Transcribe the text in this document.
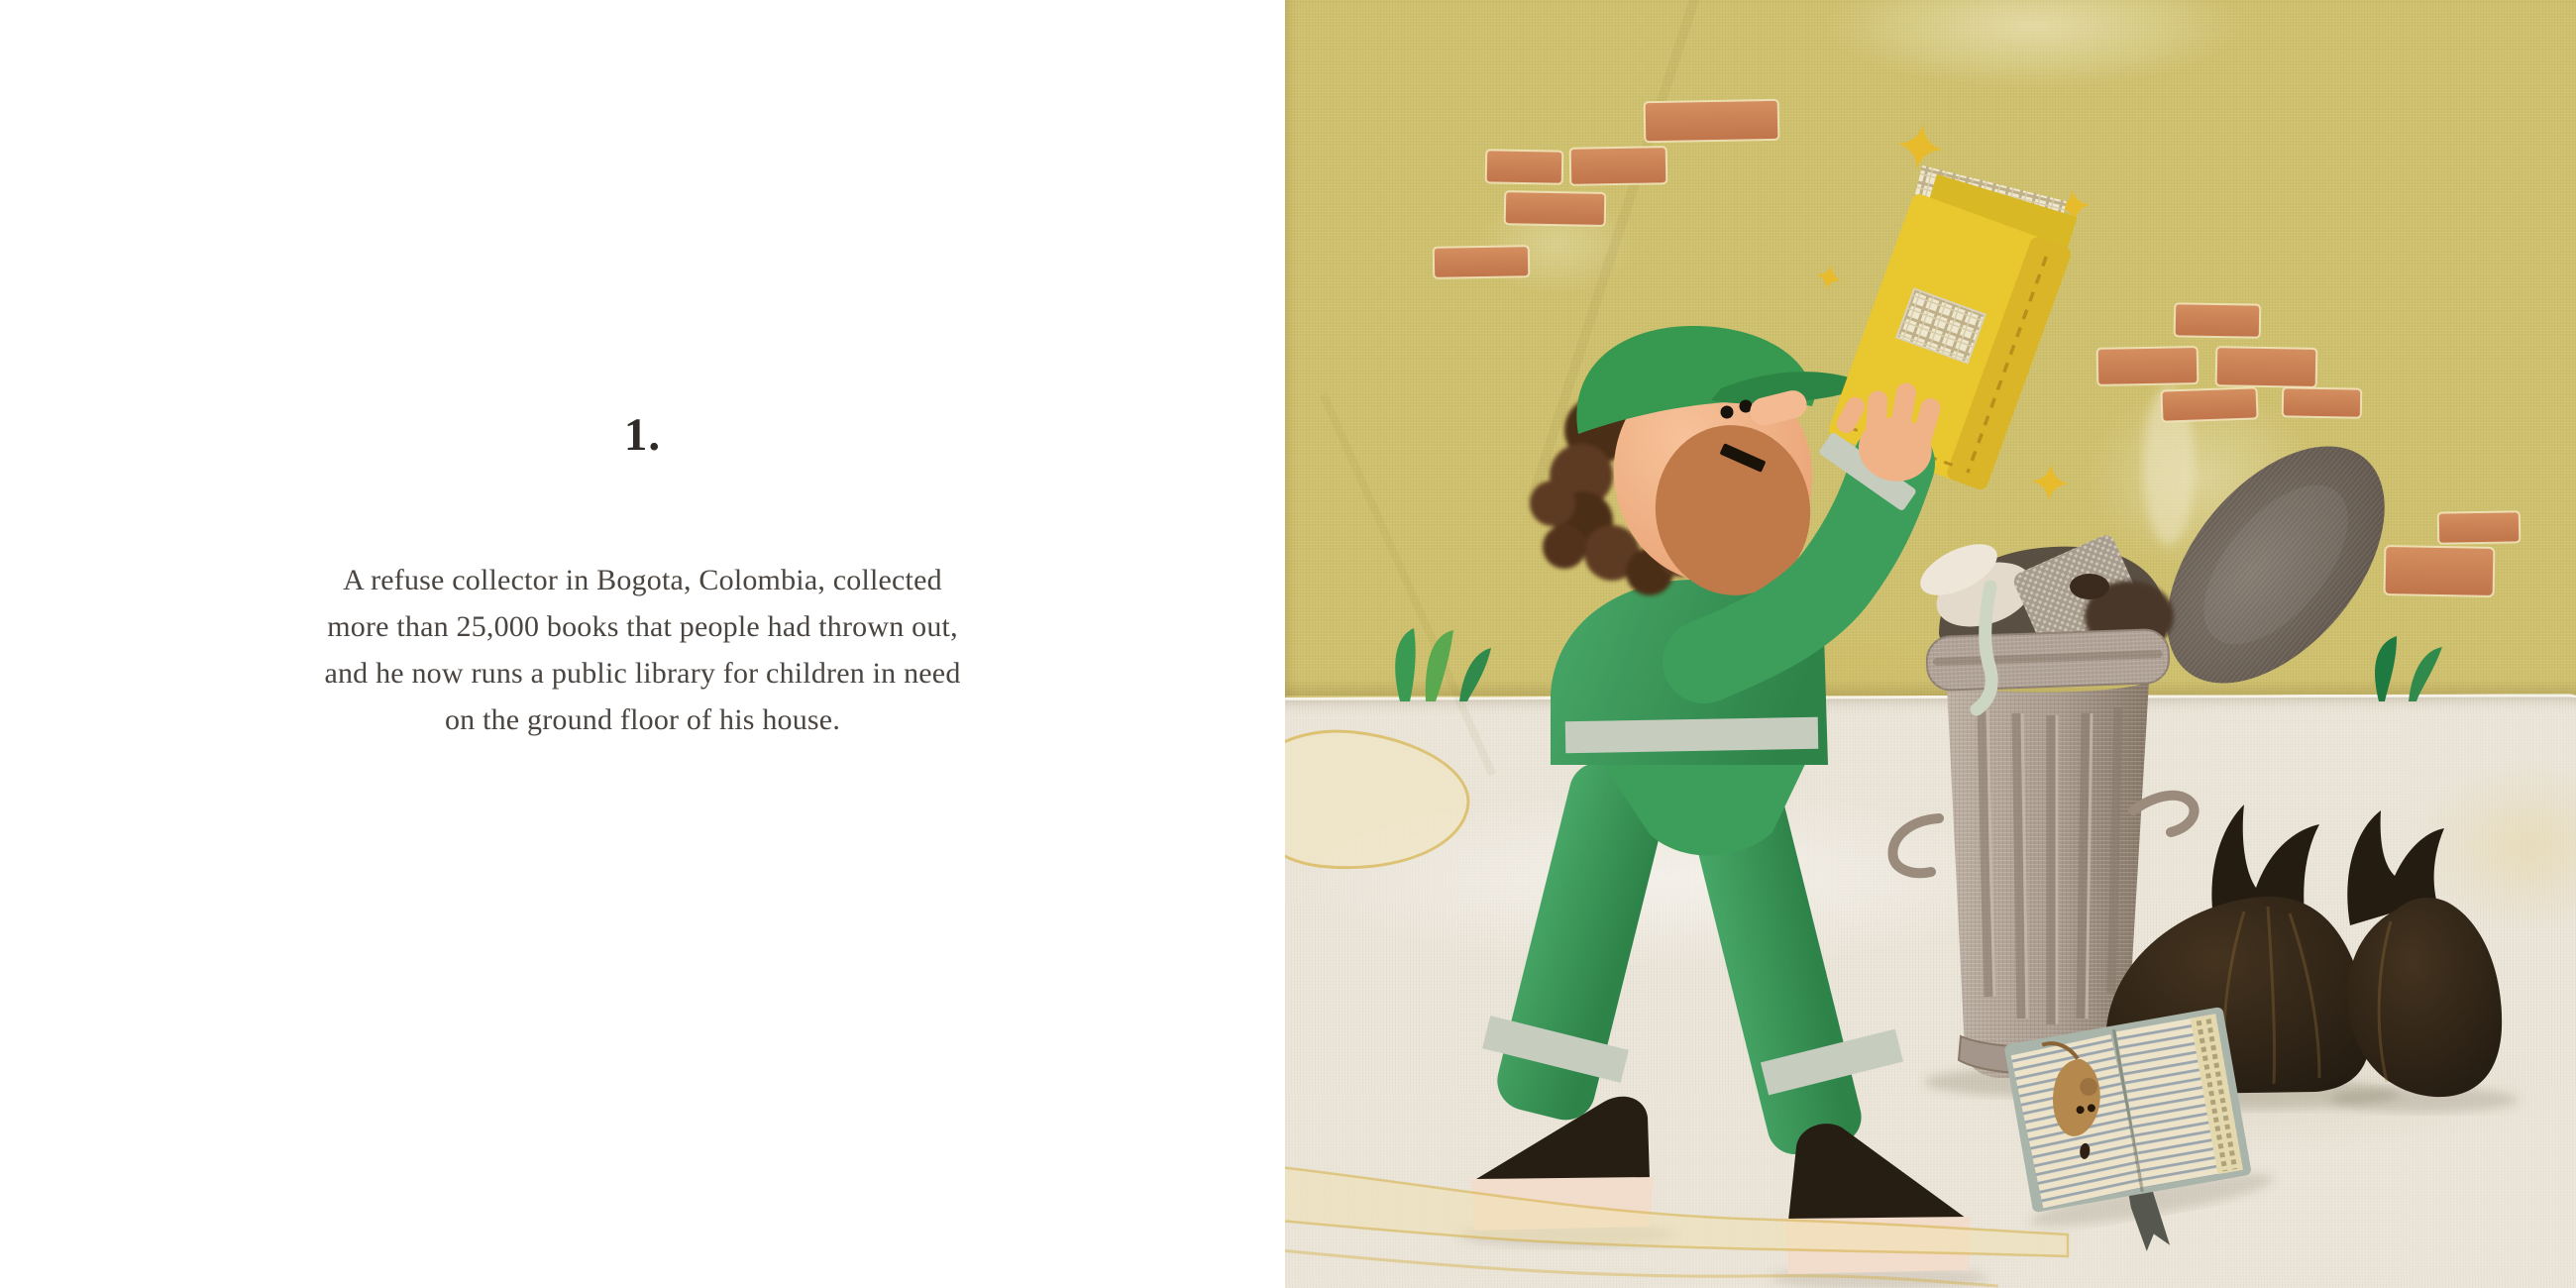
1.

A refuse collector in Bogota, Colombia, collected
more than 25,000 books that people had thrown out,
and he now runs a public library for children in need
on the ground floor of his house.
